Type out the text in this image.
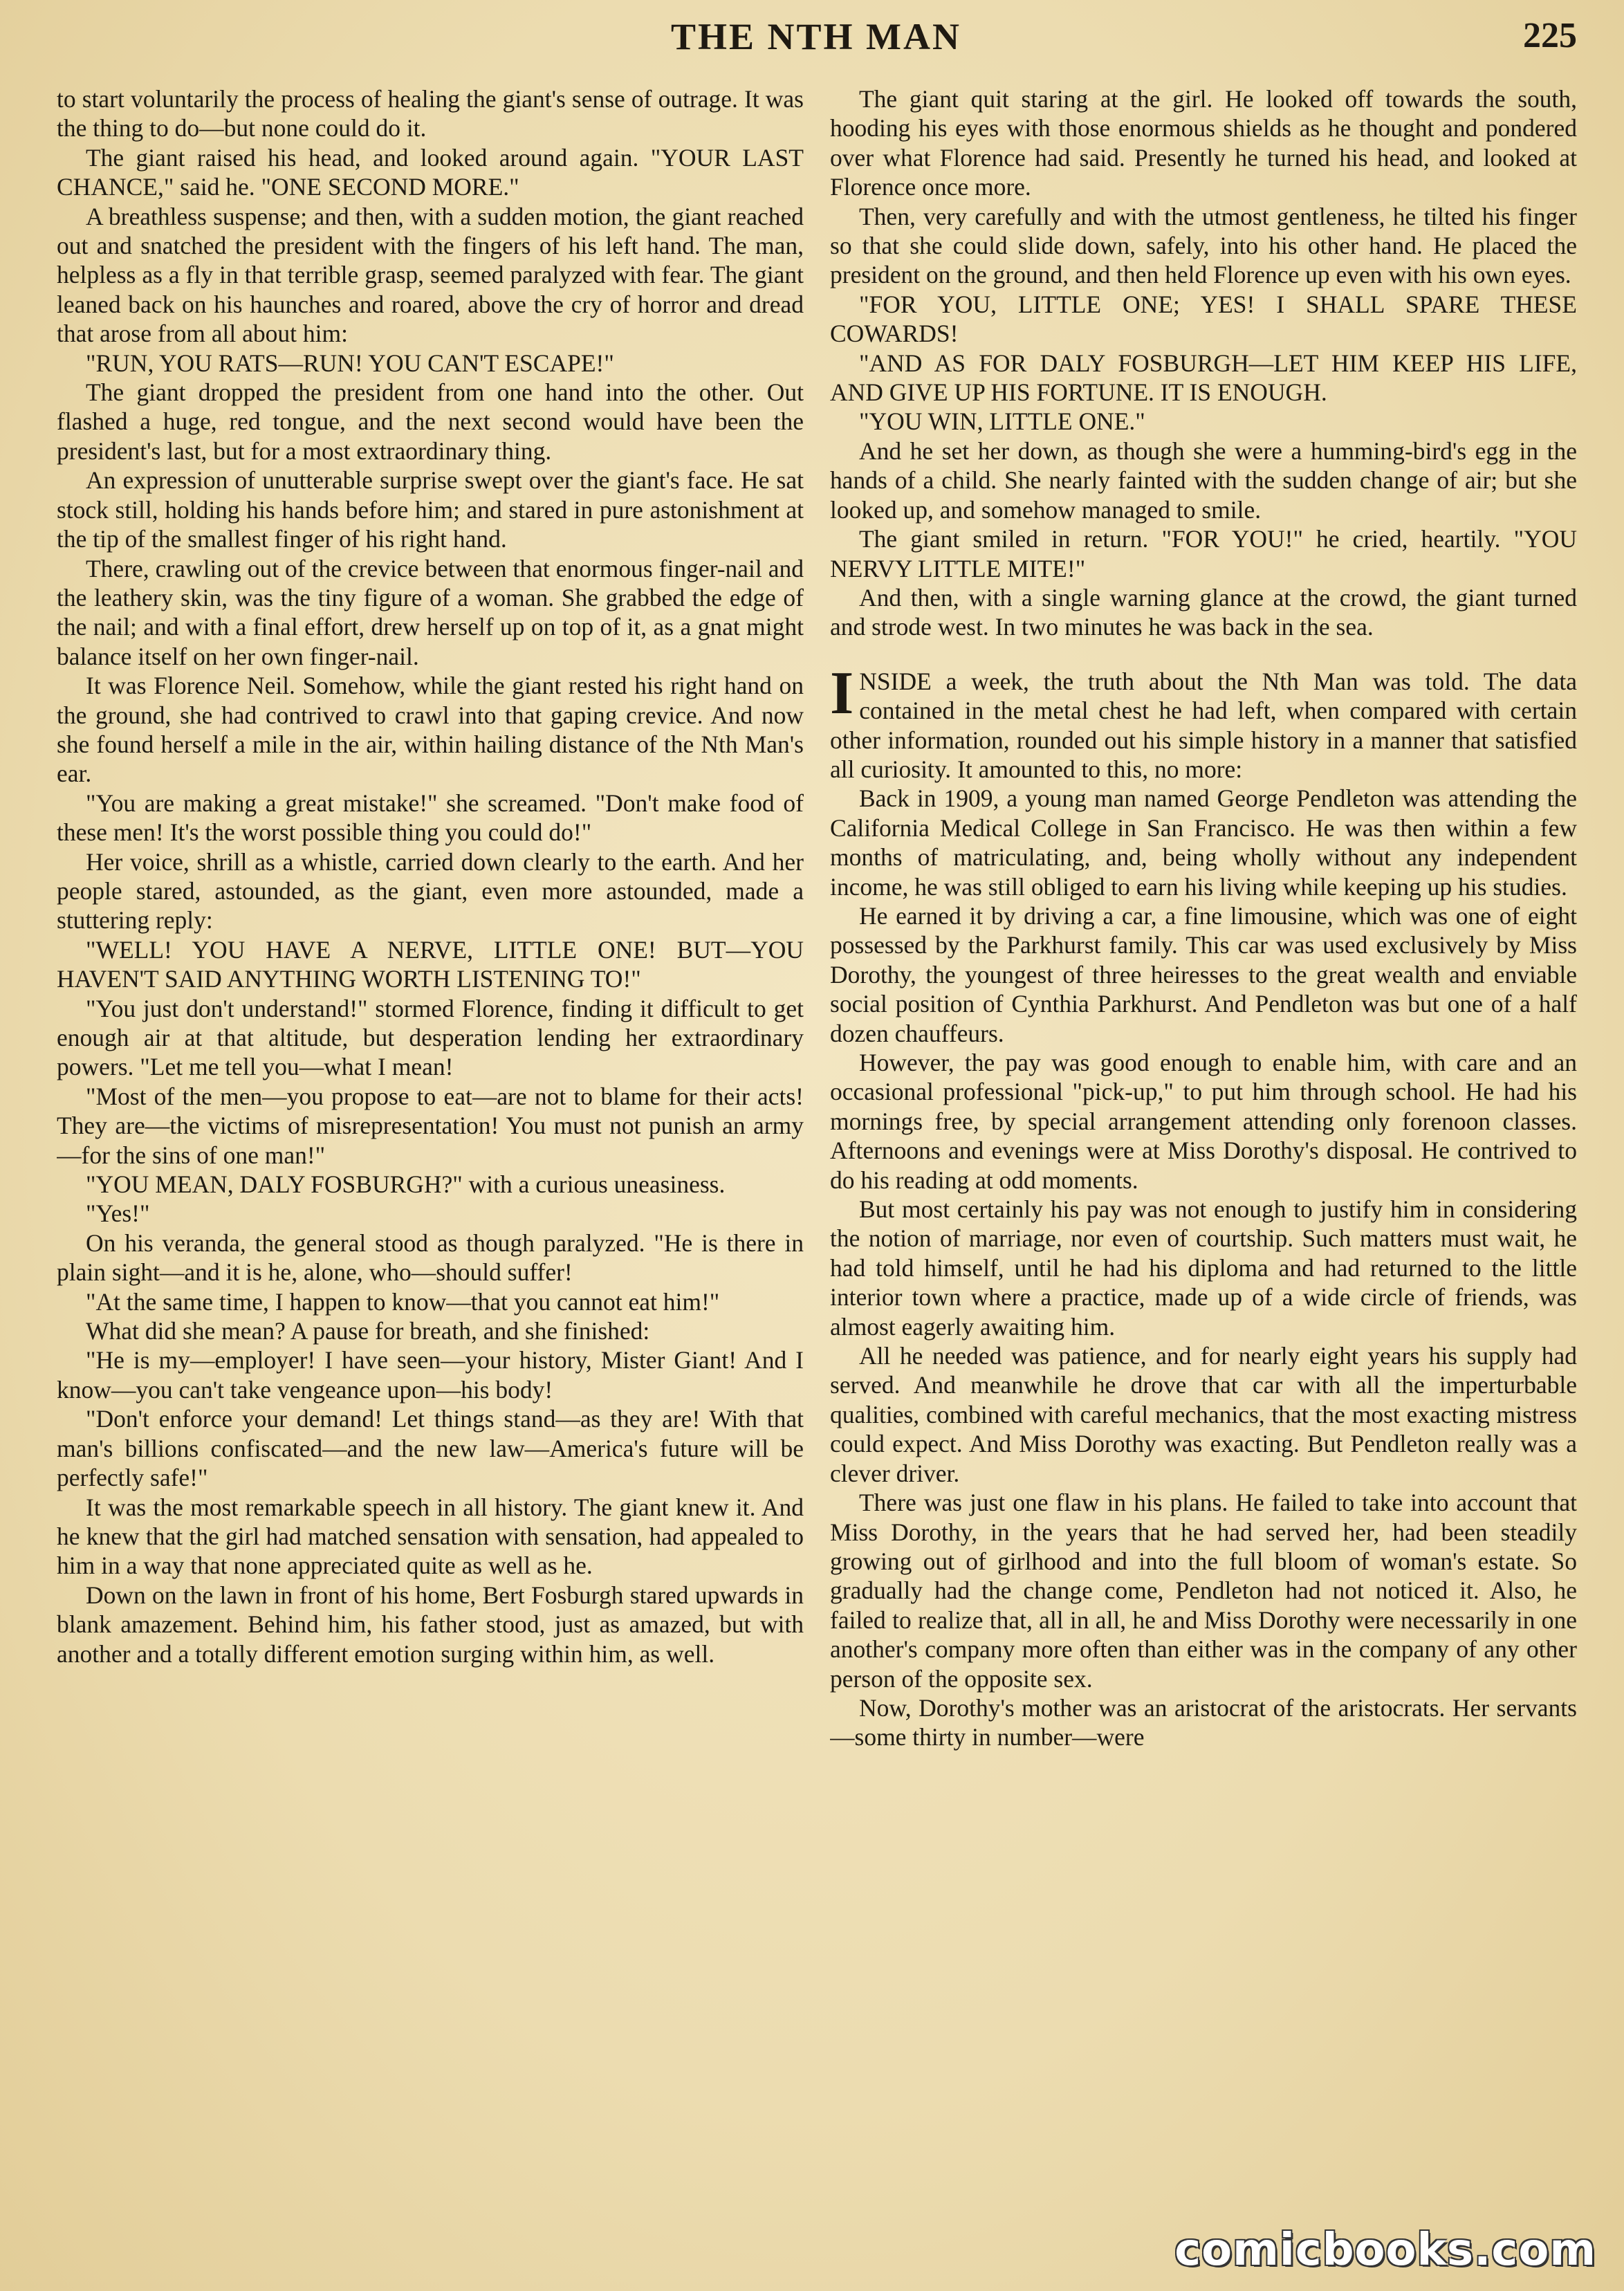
THE NTH MAN	225

to start voluntarily the process of healing the giant's sense of outrage. It was the thing to do—but none could do it.

The giant raised his head, and looked around again. "YOUR LAST CHANCE," said he. "ONE SECOND MORE."

A breathless suspense; and then, with a sudden motion, the giant reached out and snatched the president with the fingers of his left hand. The man, helpless as a fly in that terrible grasp, seemed paralyzed with fear. The giant leaned back on his haunches and roared, above the cry of horror and dread that arose from all about him:

"RUN, YOU RATS—RUN! YOU CAN'T ESCAPE!"

The giant dropped the president from one hand into the other. Out flashed a huge, red tongue, and the next second would have been the president's last, but for a most extraordinary thing.

An expression of unutterable surprise swept over the giant's face. He sat stock still, holding his hands before him; and stared in pure astonishment at the tip of the smallest finger of his right hand.

There, crawling out of the crevice between that enormous finger-nail and the leathery skin, was the tiny figure of a woman. She grabbed the edge of the nail; and with a final effort, drew herself up on top of it, as a gnat might balance itself on her own finger-nail.

It was Florence Neil. Somehow, while the giant rested his right hand on the ground, she had contrived to crawl into that gaping crevice. And now she found herself a mile in the air, within hailing distance of the Nth Man's ear.

"You are making a great mistake!" she screamed. "Don't make food of these men! It's the worst possible thing you could do!"

Her voice, shrill as a whistle, carried down clearly to the earth. And her people stared, astounded, as the giant, even more astounded, made a stuttering reply:

"WELL! YOU HAVE A NERVE, LITTLE ONE! BUT—YOU HAVEN'T SAID ANYTHING WORTH LISTENING TO!"

"You just don't understand!" stormed Florence, finding it difficult to get enough air at that altitude, but desperation lending her extraordinary powers. "Let me tell you—what I mean!

"Most of the men—you propose to eat—are not to blame for their acts! They are—the victims of misrepresentation! You must not punish an army—for the sins of one man!"

"YOU MEAN, DALY FOSBURGH?" with a curious uneasiness.

"Yes!"

On his veranda, the general stood as though paralyzed. "He is there in plain sight—and it is he, alone, who—should suffer!

"At the same time, I happen to know—that you cannot eat him!"

What did she mean? A pause for breath, and she finished:

"He is my—employer! I have seen—your history, Mister Giant! And I know—you can't take vengeance upon—his body!

"Don't enforce your demand! Let things stand—as they are! With that man's billions confiscated—and the new law—America's future will be perfectly safe!"

It was the most remarkable speech in all history. The giant knew it. And he knew that the girl had matched sensation with sensation, had appealed to him in a way that none appreciated quite as well as he.

Down on the lawn in front of his home, Bert Fosburgh stared upwards in blank amazement. Behind him, his father stood, just as amazed, but with another and a totally different emotion surging within him, as well.

The giant quit staring at the girl. He looked off towards the south, hooding his eyes with those enormous shields as he thought and pondered over what Florence had said. Presently he turned his head, and looked at Florence once more.

Then, very carefully and with the utmost gentleness, he tilted his finger so that she could slide down, safely, into his other hand. He placed the president on the ground, and then held Florence up even with his own eyes.

"FOR YOU, LITTLE ONE; YES! I SHALL SPARE THESE COWARDS!

"AND AS FOR DALY FOSBURGH—LET HIM KEEP HIS LIFE, AND GIVE UP HIS FORTUNE. IT IS ENOUGH.

"YOU WIN, LITTLE ONE."

And he set her down, as though she were a humming-bird's egg in the hands of a child. She nearly fainted with the sudden change of air; but she looked up, and somehow managed to smile.

The giant smiled in return. "FOR YOU!" he cried, heartily. "YOU NERVY LITTLE MITE!"

And then, with a single warning glance at the crowd, the giant turned and strode west. In two minutes he was back in the sea.

INSIDE a week, the truth about the Nth Man was told. The data contained in the metal chest he had left, when compared with certain other information, rounded out his simple history in a manner that satisfied all curiosity. It amounted to this, no more:

Back in 1909, a young man named George Pendleton was attending the California Medical College in San Francisco. He was then within a few months of matriculating, and, being wholly without any independent income, he was still obliged to earn his living while keeping up his studies.

He earned it by driving a car, a fine limousine, which was one of eight possessed by the Parkhurst family. This car was used exclusively by Miss Dorothy, the youngest of three heiresses to the great wealth and enviable social position of Cynthia Parkhurst. And Pendleton was but one of a half dozen chauffeurs.

However, the pay was good enough to enable him, with care and an occasional professional "pick-up," to put him through school. He had his mornings free, by special arrangement attending only forenoon classes. Afternoons and evenings were at Miss Dorothy's disposal. He contrived to do his reading at odd moments.

But most certainly his pay was not enough to justify him in considering the notion of marriage, nor even of courtship. Such matters must wait, he had told himself, until he had his diploma and had returned to the little interior town where a practice, made up of a wide circle of friends, was almost eagerly awaiting him.

All he needed was patience, and for nearly eight years his supply had served. And meanwhile he drove that car with all the imperturbable qualities, combined with careful mechanics, that the most exacting mistress could expect. And Miss Dorothy was exacting. But Pendleton really was a clever driver.

There was just one flaw in his plans. He failed to take into account that Miss Dorothy, in the years that he had served her, had been steadily growing out of girlhood and into the full bloom of woman's estate. So gradually had the change come, Pendleton had not noticed it. Also, he failed to realize that, all in all, he and Miss Dorothy were necessarily in one another's company more often than either was in the company of any other person of the opposite sex.

Now, Dorothy's mother was an aristocrat of the aristocrats. Her servants—some thirty in number—were

comicbooks.com
